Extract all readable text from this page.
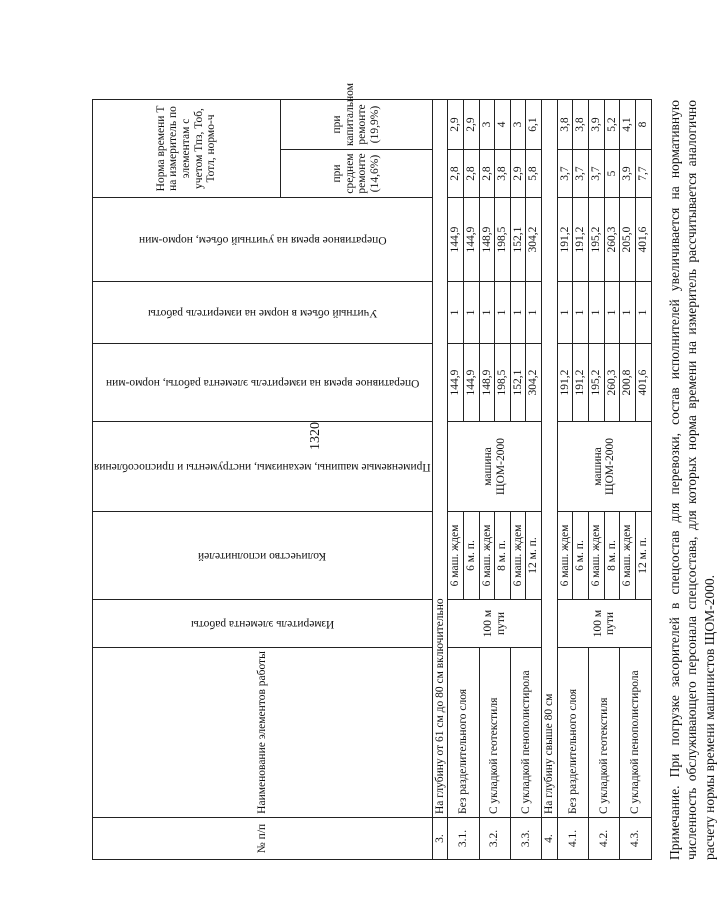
1320
№ п/п	Наименование элементов работы	Измеритель элемента работы	Количество исполнителей	Применяемые машины, механизмы, инструменты и приспособления	Оперативное время на измеритель элемента работы, нормо-мин	Учитный объем в норме на измеритель работы	Оперативное время на учитный объем, нормо-мин	Норма времени Т на измеритель по элементам с учетом Тпз, Тоб, Тотл, нормо-ч	
								при среднем ремонте (14,6%)	при капитальном ремонте (19,9%)
3.	На глубину от 61 см до 80 см включительно								
3.1.	Без разделительного слоя	100 м пути	6 маш. ждем	машина ЩОМ-2000	144,9	1	144,9	2,8	2,9
			6 м. п.		144,9	1	144,9	2,8	2,9
3.2.	С укладкой геотекстиля		6 маш. ждем		148,9	1	148,9	2,8	3
			8 м. п.		198,5	1	198,5	3,8	4
3.3.	С укладкой пенополистирола		6 маш. ждем		152,1	1	152,1	2,9	3
			12 м. п.		304,2	1	304,2	5,8	6,1
4.	На глубину свыше 80 см								
4.1.	Без разделительного слоя	100 м пути	6 маш. ждем	машина ЩОМ-2000	191,2	1	191,2	3,7	3,8
			6 м. п.		191,2	1	191,2	3,7	3,8
4.2.	С укладкой геотекстиля		6 маш. ждем		195,2	1	195,2	3,7	3,9
			8 м. п.		260,3	1	260,3	5	5,2
4.3.	С укладкой пенополистирола		6 маш. ждем		200,8	1	205,0	3,9	4,1
			12 м. п.		401,6	1	401,6	7,7	8 Примечание. При погрузке засорителей в спецсостав для перевозки, состав исполнителей увеличивается на нормативную численность обслуживающего персонала спецсостава, для которых норма времени на измеритель рассчитывается аналогично расчету нормы времени машинистов ЩОМ-2000.
